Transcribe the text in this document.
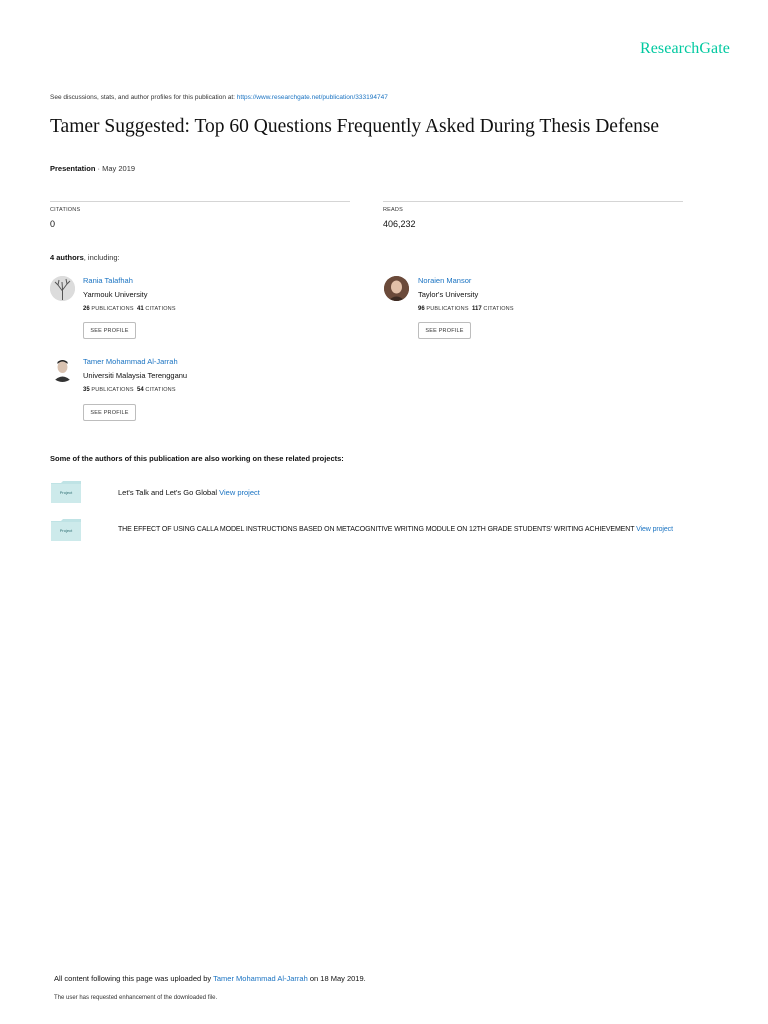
ResearchGate
See discussions, stats, and author profiles for this publication at: https://www.researchgate.net/publication/333194747
Tamer Suggested: Top 60 Questions Frequently Asked During Thesis Defense
Presentation · May 2019
CITATIONS
0
READS
406,232
4 authors, including:
Rania Talafhah
Yarmouk University
26 PUBLICATIONS 41 CITATIONS
SEE PROFILE
Noraien Mansor
Taylor's University
96 PUBLICATIONS 117 CITATIONS
SEE PROFILE
Tamer Mohammad Al-Jarrah
Universiti Malaysia Terengganu
35 PUBLICATIONS 54 CITATIONS
SEE PROFILE
Some of the authors of this publication are also working on these related projects:
Project	Let's Talk and Let's Go Global View project
Project	THE EFFECT OF USING CALLA MODEL INSTRUCTIONS BASED ON METACOGNITIVE WRITING MODULE ON 12TH GRADE STUDENTS' WRITING ACHIEVEMENT View project
All content following this page was uploaded by Tamer Mohammad Al-Jarrah on 18 May 2019.
The user has requested enhancement of the downloaded file.
